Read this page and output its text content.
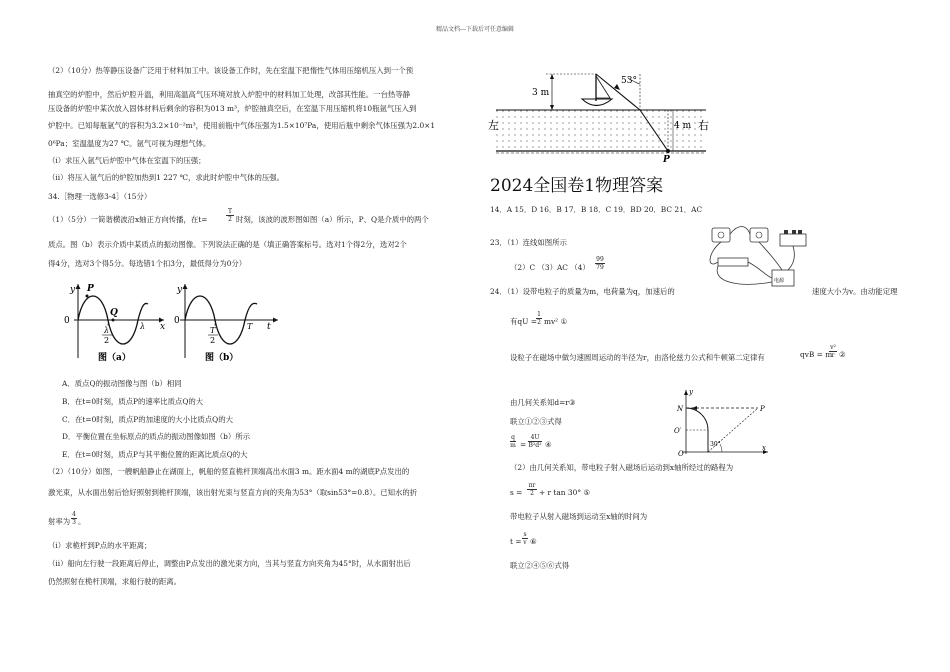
精品文档---下载后可任意编辑
（2）（10分）热等静压设备广泛用于材料加工中。该设备工作时，先在室温下把惰性气体用压缩机压入到一个预
抽真空的炉腔中，然后炉腔升温，利用高温高气压环境对放入炉腔中的材料加工处理，改部其性能。一台热等静
压设备的炉腔中某次放入固体材料后剩余的容积为013 m³，炉腔抽真空后，在室温下用压缩机将10瓶氩气压入到
炉腔中。已知每瓶氩气的容积为3.2×10⁻²m³，使用前瓶中气体压强为1.5×10⁷Pa，使用后瓶中剩余气体压强为2.0×1
0⁶Pa；室温温度为27 ℃。氩气可视为理想气体。
（i）求压入氩气后炉腔中气体在室温下的压强；
（ii）将压入氩气后的炉腔加热到1 227 ℃，求此时炉腔中气体的压强。
34.［物理一选修3-4］（15分）
（1）（5分）一简谐横波沿x轴正方向传播，在t=	$\frac{T}{2}$ 时刻，该波的波形图如图（a）所示，P、Q是介质中的两个
质点。图（b）表示介质中某质点的振动图像。下列说法正确的是（填正确答案标号。选对1个得2分，选对2个
得4分，选对3个得5分。每选错1个扣3分，最低得分为0分）
y P
0
Q
λ
2
λ x
图（a）
y
0
T
2
T t
图（b）
A．质点Q的振动图像与图（b）相同
B．在t=0时刻，质点P的速率比质点Q的大
C．在t=0时刻，质点P的加速度的大小比质点Q的大
D．平衡位置在坐标原点的质点的振动图像如图（b）所示
E．在t=0时刻，质点P与其平衡位置的距离比质点Q的大
（2）（10分）如图，一艘帆船静止在湖面上，帆船的竖直桅杆顶端高出水面3 m。距水面4 m的湖底P点发出的
激光束，从水面出射后恰好照射到桅杆顶端，该出射光束与竖直方向的夹角为53°（取sin53°=0.8）。已知水的折
射率为 $\frac{4}{3}$ 。
（i）求桅杆到P点的水平距离；
（ii）船向左行驶一段距离后停止，调整由P点发出的激光束方向，当其与竖直方向夹角为45°时，从水面射出后
仍然照射在桅杆顶端，求船行驶的距离。
3 m
53°
4 m
P
左	右
2024全国卷1物理答案
14．A 15．D 16．B 17．B 18．C 19．BD 20．BC 21．AC
电源
23．（1）连线如图所示
（2）C （3）AC $(4) \frac{99}{79}$
24．（1）设带电粒子的质量为m，电荷量为q，加速后的	速度大小为v。由动能定理
有qU = $\frac{1}{2} mv^2$ ①
设粒子在磁场中做匀速圆周运动的半径为r，由洛伦兹力公式和牛顿第二定律有	qvB = m
$\frac{\text{v²}}{r}$ ②
y
N
O′
O
P
x
30°
由几何关系知d=r③
联立①②③式得
$\frac{q}{m} = \frac{4U}{\text{B²d²}}$ ④
（2）由几何关系知，带电粒子射入磁场后运动到x轴所经过的路程为
$s = \frac{\pi r}{2} + r$ tan 30° ⑤
带电粒子从射入磁场到运动至x轴的时间为
$t = \frac{s}{v}$ ⑥
联立②④⑤⑥式得
